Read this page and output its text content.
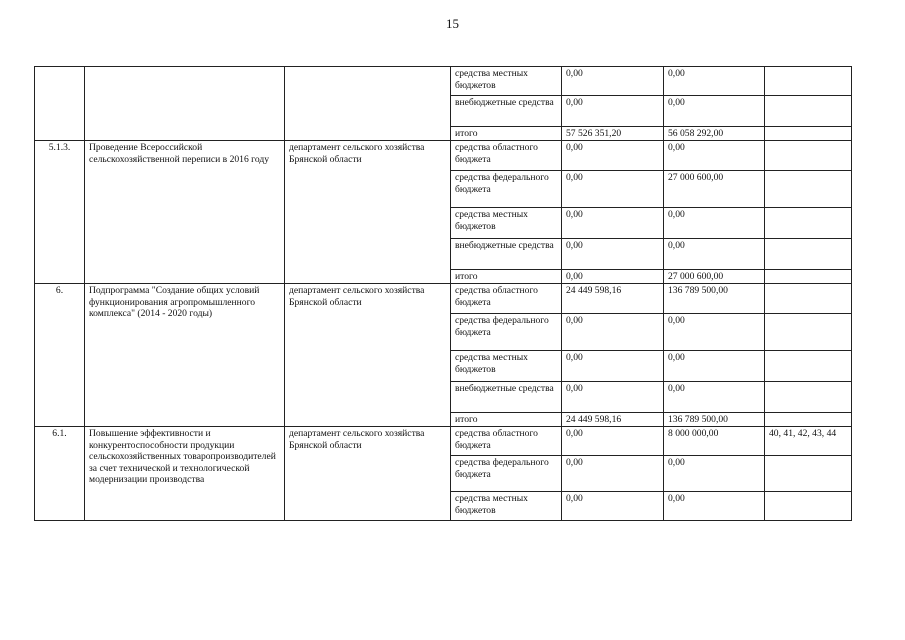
15
			средства местных бюджетов	0,00	0,00	
			внебюджетные средства	0,00	0,00	
			итого	57 526 351,20	56 058 292,00	
5.1.3.	Проведение Всероссийской сельскохозяйственной переписи в 2016 году	департамент сельского хозяйства Брянской области	средства областного бюджета	0,00	0,00	
			средства федерального бюджета	0,00	27 000 600,00	
			средства местных бюджетов	0,00	0,00	
			внебюджетные средства	0,00	0,00	
			итого	0,00	27 000 600,00	
6.	Подпрограмма "Создание общих условий функционирования агропромышленного комплекса" (2014 - 2020 годы)	департамент сельского хозяйства Брянской области	средства областного бюджета	24 449 598,16	136 789 500,00	
			средства федерального бюджета	0,00	0,00	
			средства местных бюджетов	0,00	0,00	
			внебюджетные средства	0,00	0,00	
			итого	24 449 598,16	136 789 500,00	
6.1.	Повышение эффективности и конкурентоспособности продукции сельскохозяйственных товаропроизводителей за счет технической и технологической модернизации производства	департамент сельского хозяйства Брянской области	средства областного бюджета	0,00	8 000 000,00	40, 41, 42, 43, 44
			средства федерального бюджета	0,00	0,00	
			средства местных бюджетов	0,00	0,00	
